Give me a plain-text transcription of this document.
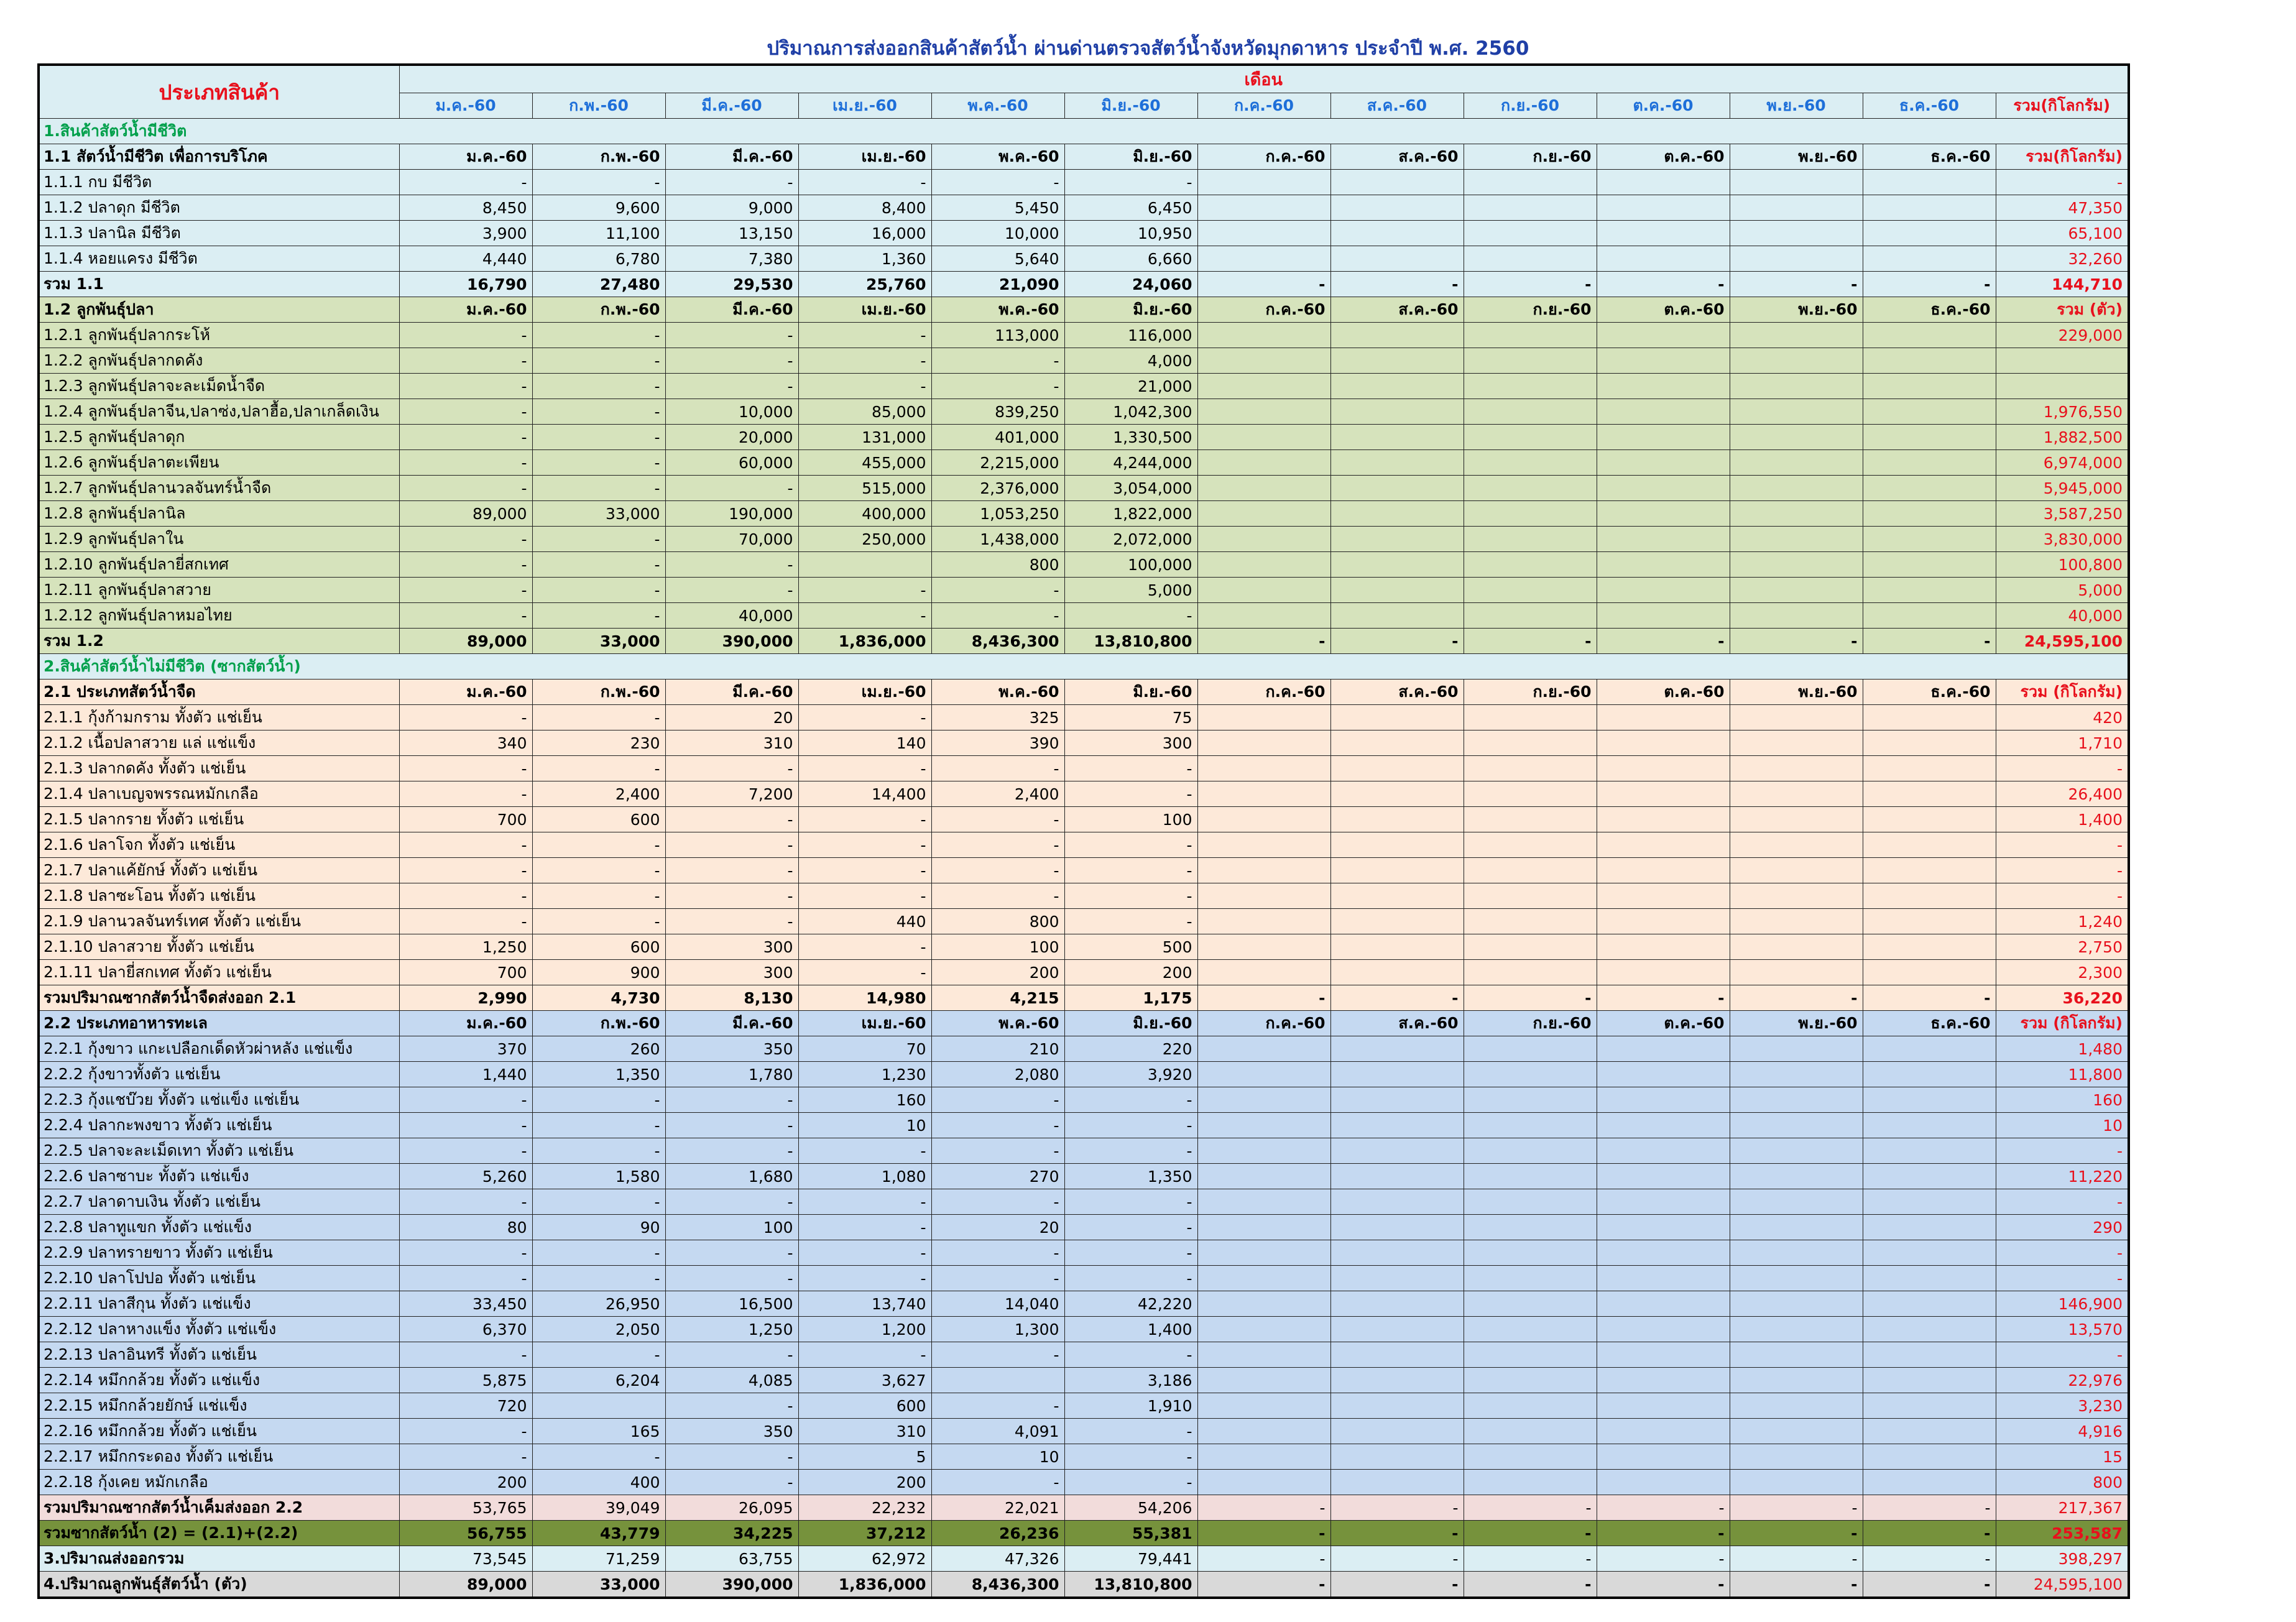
ปริมาณการส่งออกสินค้าสัตว์น้ำ ผ่านด่านตรวจสัตว์น้ำจังหวัดมุกดาหาร ประจำปี พ.ศ. 2560
ประเภทสินค้า	เดือน												
	ม.ค.-60	ก.พ.-60	มี.ค.-60	เม.ย.-60	พ.ค.-60	มิ.ย.-60	ก.ค.-60	ส.ค.-60	ก.ย.-60	ต.ค.-60	พ.ย.-60	ธ.ค.-60	รวม(กิโลกรัม)
1.สินค้าสัตว์น้ำมีชีวิต													
1.1 สัตว์น้ำมีชีวิต เพื่อการบริโภค	ม.ค.-60	ก.พ.-60	มี.ค.-60	เม.ย.-60	พ.ค.-60	มิ.ย.-60	ก.ค.-60	ส.ค.-60	ก.ย.-60	ต.ค.-60	พ.ย.-60	ธ.ค.-60	รวม(กิโลกรัม)
1.1.1 กบ มีชีวิต	-	-	-	-	-	-							-
1.1.2 ปลาดุก มีชีวิต	8,450	9,600	9,000	8,400	5,450	6,450							47,350
1.1.3 ปลานิล มีชีวิต	3,900	11,100	13,150	16,000	10,000	10,950							65,100
1.1.4 หอยแครง มีชีวิต	4,440	6,780	7,380	1,360	5,640	6,660							32,260
รวม 1.1	16,790	27,480	29,530	25,760	21,090	24,060	-	-	-	-	-	-	144,710
1.2 ลูกพันธุ์ปลา	ม.ค.-60	ก.พ.-60	มี.ค.-60	เม.ย.-60	พ.ค.-60	มิ.ย.-60	ก.ค.-60	ส.ค.-60	ก.ย.-60	ต.ค.-60	พ.ย.-60	ธ.ค.-60	รวม (ตัว)
1.2.1 ลูกพันธุ์ปลากระโห้	-	-	-	-	113,000	116,000							229,000
1.2.2 ลูกพันธุ์ปลากดคัง	-	-	-	-	-	4,000							
1.2.3 ลูกพันธุ์ปลาจะละเม็ดน้ำจืด	-	-	-	-	-	21,000							
1.2.4 ลูกพันธุ์ปลาจีน,ปลาซ่ง,ปลาฮื้อ,ปลาเกล็ดเงิน	-	-	10,000	85,000	839,250	1,042,300							1,976,550
1.2.5 ลูกพันธุ์ปลาดุก	-	-	20,000	131,000	401,000	1,330,500							1,882,500
1.2.6 ลูกพันธุ์ปลาตะเพียน	-	-	60,000	455,000	2,215,000	4,244,000							6,974,000
1.2.7 ลูกพันธุ์ปลานวลจันทร์น้ำจืด	-	-	-	515,000	2,376,000	3,054,000							5,945,000
1.2.8 ลูกพันธุ์ปลานิล	89,000	33,000	190,000	400,000	1,053,250	1,822,000							3,587,250
1.2.9 ลูกพันธุ์ปลาใน	-	-	70,000	250,000	1,438,000	2,072,000							3,830,000
1.2.10 ลูกพันธุ์ปลายี่สกเทศ	-	-	-		800	100,000							100,800
1.2.11 ลูกพันธุ์ปลาสวาย	-	-	-	-	-	5,000							5,000
1.2.12 ลูกพันธุ์ปลาหมอไทย	-	-	40,000	-	-	-							40,000
รวม 1.2	89,000	33,000	390,000	1,836,000	8,436,300	13,810,800	-	-	-	-	-	-	24,595,100
2.สินค้าสัตว์น้ำไม่มีชีวิต (ซากสัตว์น้ำ)													
2.1 ประเภทสัตว์น้ำจืด	ม.ค.-60	ก.พ.-60	มี.ค.-60	เม.ย.-60	พ.ค.-60	มิ.ย.-60	ก.ค.-60	ส.ค.-60	ก.ย.-60	ต.ค.-60	พ.ย.-60	ธ.ค.-60	รวม (กิโลกรัม)
2.1.1 กุ้งก้ามกราม ทั้งตัว แช่เย็น	-	-	20	-	325	75							420
2.1.2 เนื้อปลาสวาย แล่ แช่แข็ง	340	230	310	140	390	300							1,710
2.1.3 ปลากดคัง ทั้งตัว แช่เย็น	-	-	-	-	-	-							-
2.1.4 ปลาเบญจพรรณหมักเกลือ	-	2,400	7,200	14,400	2,400	-							26,400
2.1.5 ปลากราย ทั้งตัว แช่เย็น	700	600	-	-	-	100							1,400
2.1.6 ปลาโจก ทั้งตัว แช่เย็น	-	-	-	-	-	-							-
2.1.7 ปลาแค้ยักษ์ ทั้งตัว แช่เย็น	-	-	-	-	-	-							-
2.1.8 ปลาซะโอน ทั้งตัว แช่เย็น	-	-	-	-	-	-							-
2.1.9 ปลานวลจันทร์เทศ ทั้งตัว แช่เย็น	-	-	-	440	800	-							1,240
2.1.10 ปลาสวาย ทั้งตัว แช่เย็น	1,250	600	300	-	100	500							2,750
2.1.11 ปลายี่สกเทศ ทั้งตัว แช่เย็น	700	900	300	-	200	200							2,300
รวมปริมาณซากสัตว์น้ำจืดส่งออก 2.1	2,990	4,730	8,130	14,980	4,215	1,175	-	-	-	-	-	-	36,220
2.2 ประเภทอาหารทะเล	ม.ค.-60	ก.พ.-60	มี.ค.-60	เม.ย.-60	พ.ค.-60	มิ.ย.-60	ก.ค.-60	ส.ค.-60	ก.ย.-60	ต.ค.-60	พ.ย.-60	ธ.ค.-60	รวม (กิโลกรัม)
2.2.1 กุ้งขาว แกะเปลือกเด็ดหัวผ่าหลัง แช่แข็ง	370	260	350	70	210	220							1,480
2.2.2 กุ้งขาวทั้งตัว แช่เย็น	1,440	1,350	1,780	1,230	2,080	3,920							11,800
2.2.3 กุ้งแชบ๊วย ทั้งตัว แช่แข็ง แช่เย็น	-	-	-	160	-	-							160
2.2.4 ปลากะพงขาว ทั้งตัว แช่เย็น	-	-	-	10	-	-							10
2.2.5 ปลาจะละเม็ดเทา ทั้งตัว แช่เย็น	-	-	-	-	-	-							-
2.2.6 ปลาซาบะ ทั้งตัว แช่แข็ง	5,260	1,580	1,680	1,080	270	1,350							11,220
2.2.7 ปลาดาบเงิน ทั้งตัว แช่เย็น	-	-	-	-	-	-							-
2.2.8 ปลาทูแขก ทั้งตัว แช่แข็ง	80	90	100	-	20	-							290
2.2.9 ปลาทรายขาว ทั้งตัว แช่เย็น	-	-	-	-	-	-							-
2.2.10 ปลาโปปอ ทั้งตัว แช่เย็น	-	-	-	-	-	-							-
2.2.11 ปลาสีกุน ทั้งตัว แช่แข็ง	33,450	26,950	16,500	13,740	14,040	42,220							146,900
2.2.12 ปลาหางแข็ง ทั้งตัว แช่แข็ง	6,370	2,050	1,250	1,200	1,300	1,400							13,570
2.2.13 ปลาอินทรี ทั้งตัว แช่เย็น	-	-	-	-	-	-							-
2.2.14 หมึกกล้วย ทั้งตัว แช่แข็ง	5,875	6,204	4,085	3,627		3,186							22,976
2.2.15 หมึกกล้วยยักษ์ แช่แข็ง	720		-	600	-	1,910							3,230
2.2.16 หมึกกล้วย ทั้งตัว แช่เย็น	-	165	350	310	4,091	-							4,916
2.2.17 หมึกกระดอง ทั้งตัว แช่เย็น	-	-	-	5	10	-							15
2.2.18 กุ้งเคย หมักเกลือ	200	400	-	200	-	-							800
รวมปริมาณซากสัตว์น้ำเค็มส่งออก 2.2	53,765	39,049	26,095	22,232	22,021	54,206	-	-	-	-	-	-	217,367
รวมซากสัตว์น้ำ (2) = (2.1)+(2.2)	56,755	43,779	34,225	37,212	26,236	55,381	-	-	-	-	-	-	253,587
3.ปริมาณส่งออกรวม	73,545	71,259	63,755	62,972	47,326	79,441	-	-	-	-	-	-	398,297
4.ปริมาณลูกพันธุ์สัตว์น้ำ (ตัว)	89,000	33,000	390,000	1,836,000	8,436,300	13,810,800	-	-	-	-	-	-	24,595,100
